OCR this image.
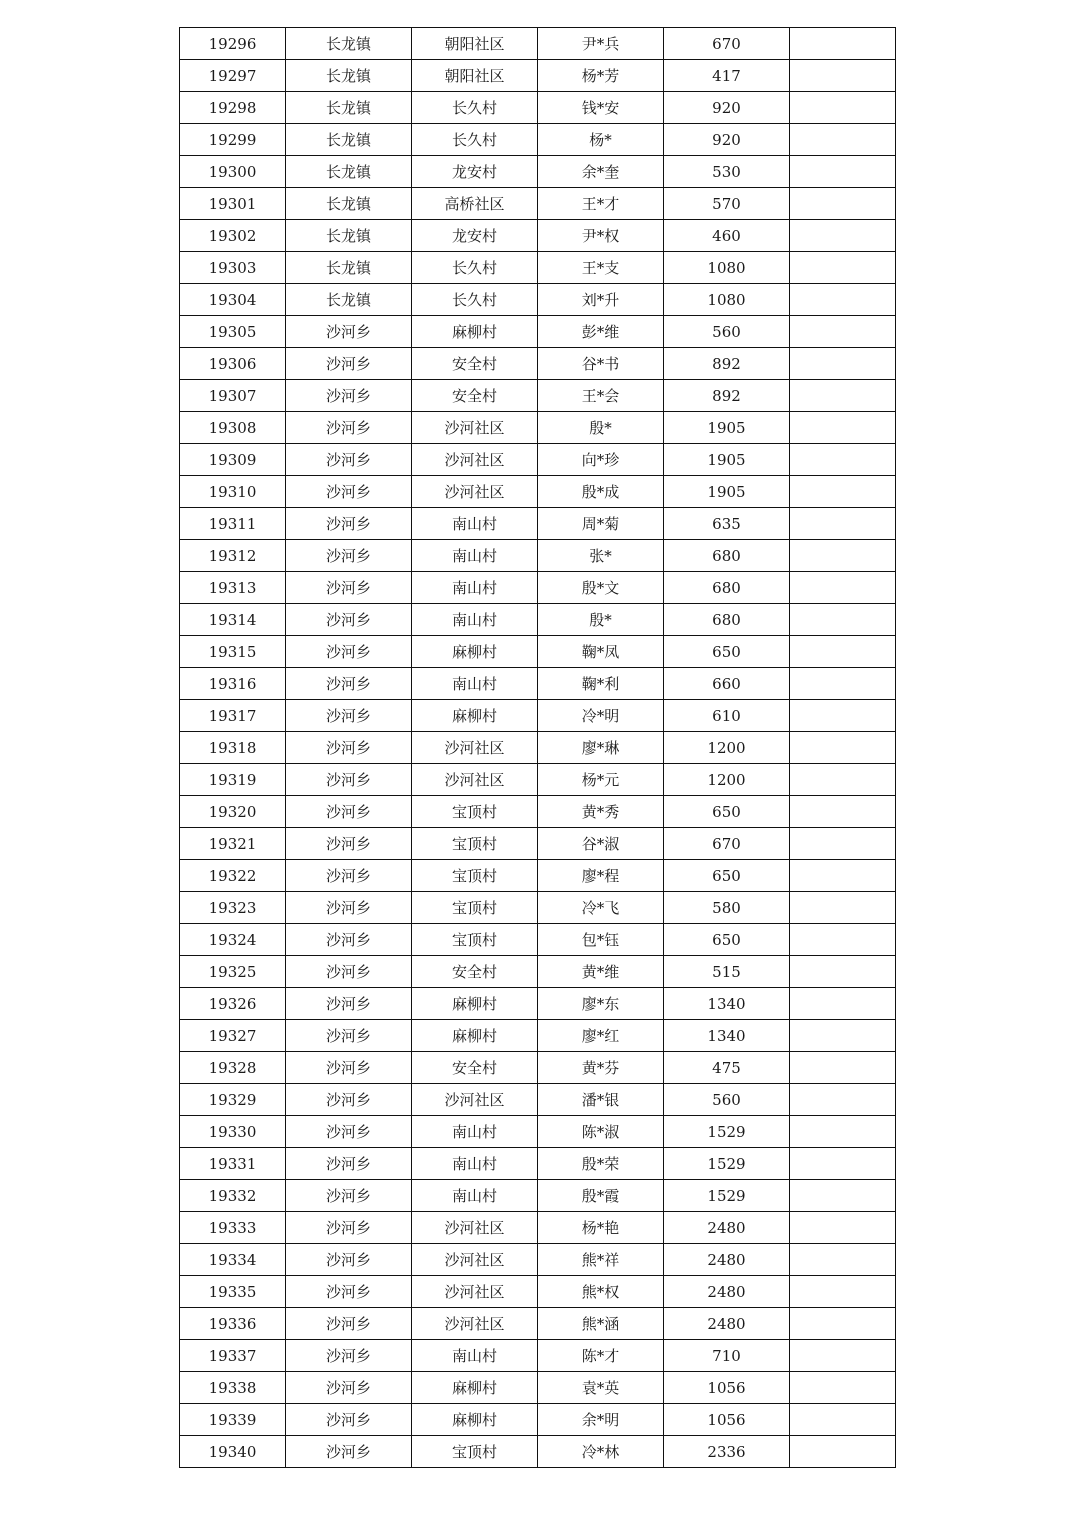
19296	长龙镇	朝阳社区	尹*兵	670	
19297	长龙镇	朝阳社区	杨*芳	417	
19298	长龙镇	长久村	钱*安	920	
19299	长龙镇	长久村	杨*	920	
19300	长龙镇	龙安村	余*奎	530	
19301	长龙镇	高桥社区	王*才	570	
19302	长龙镇	龙安村	尹*权	460	
19303	长龙镇	长久村	王*支	1080	
19304	长龙镇	长久村	刘*升	1080	
19305	沙河乡	麻柳村	彭*维	560	
19306	沙河乡	安全村	谷*书	892	
19307	沙河乡	安全村	王*会	892	
19308	沙河乡	沙河社区	殷*	1905	
19309	沙河乡	沙河社区	向*珍	1905	
19310	沙河乡	沙河社区	殷*成	1905	
19311	沙河乡	南山村	周*菊	635	
19312	沙河乡	南山村	张*	680	
19313	沙河乡	南山村	殷*文	680	
19314	沙河乡	南山村	殷*	680	
19315	沙河乡	麻柳村	鞠*凤	650	
19316	沙河乡	南山村	鞠*利	660	
19317	沙河乡	麻柳村	冷*明	610	
19318	沙河乡	沙河社区	廖*琳	1200	
19319	沙河乡	沙河社区	杨*元	1200	
19320	沙河乡	宝顶村	黄*秀	650	
19321	沙河乡	宝顶村	谷*淑	670	
19322	沙河乡	宝顶村	廖*程	650	
19323	沙河乡	宝顶村	冷*飞	580	
19324	沙河乡	宝顶村	包*钰	650	
19325	沙河乡	安全村	黄*维	515	
19326	沙河乡	麻柳村	廖*东	1340	
19327	沙河乡	麻柳村	廖*红	1340	
19328	沙河乡	安全村	黄*芬	475	
19329	沙河乡	沙河社区	潘*银	560	
19330	沙河乡	南山村	陈*淑	1529	
19331	沙河乡	南山村	殷*荣	1529	
19332	沙河乡	南山村	殷*霞	1529	
19333	沙河乡	沙河社区	杨*艳	2480	
19334	沙河乡	沙河社区	熊*祥	2480	
19335	沙河乡	沙河社区	熊*权	2480	
19336	沙河乡	沙河社区	熊*涵	2480	
19337	沙河乡	南山村	陈*才	710	
19338	沙河乡	麻柳村	袁*英	1056	
19339	沙河乡	麻柳村	余*明	1056	
19340	沙河乡	宝顶村	冷*林	2336	
